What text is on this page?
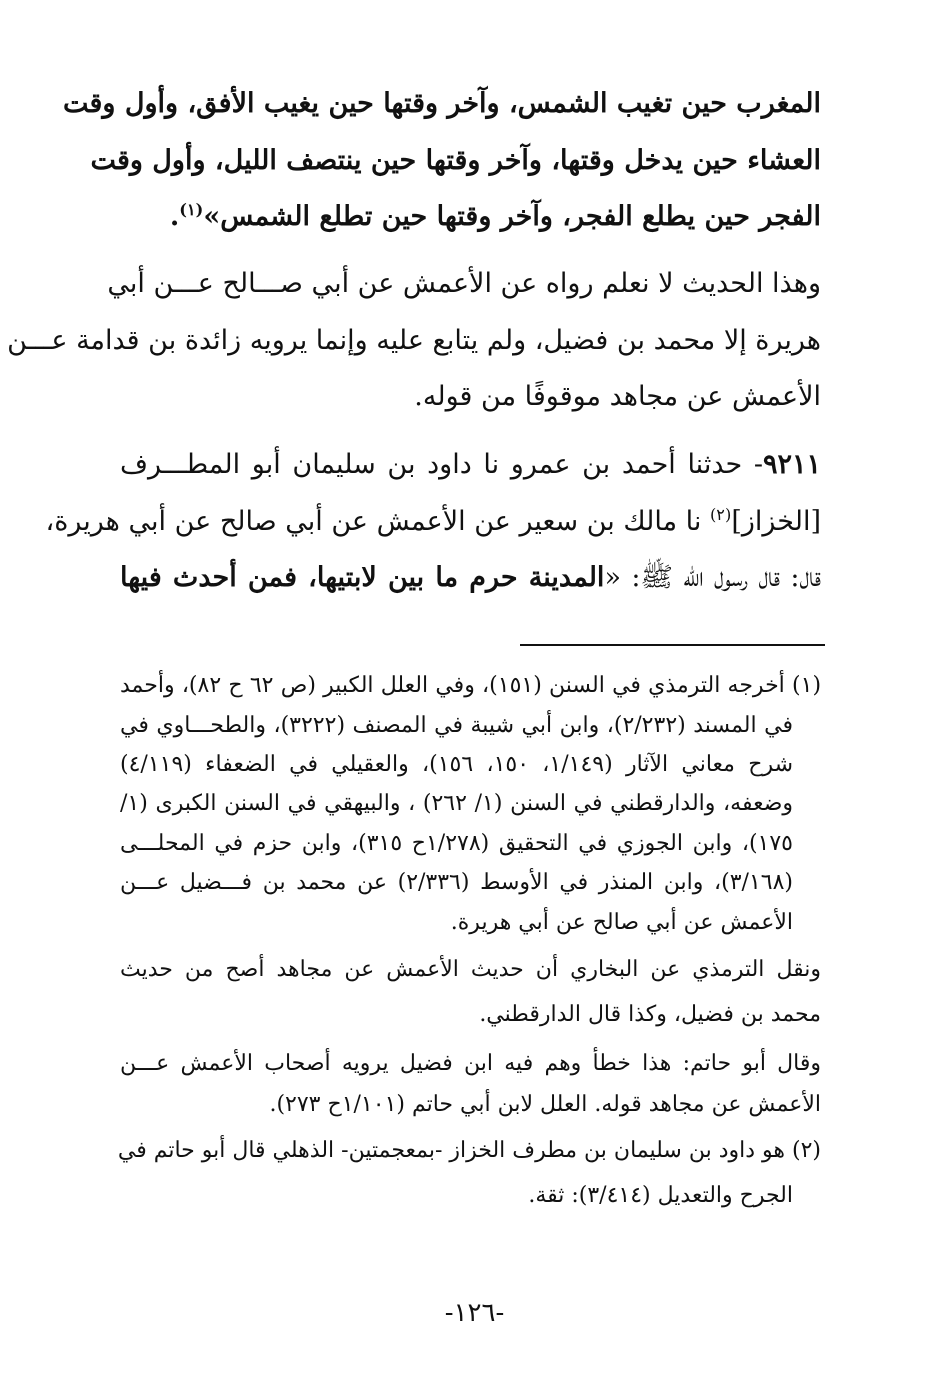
المغرب حين تغيب الشمس، وآخر وقتها حين يغيب الأفق، وأول وقت
العشاء حين يدخل وقتها، وآخر وقتها حين ينتصف الليل، وأول وقت
الفجر حين يطلع الفجر، وآخر وقتها حين تطلع الشمس»$^{(١)}$.
وهذا الحديث لا نعلم رواه عن الأعمش عن أبي صـــالح عـــن أبي
هريرة إلا محمد بن فضيل، ولم يتابع عليه وإنما يرويه زائدة بن قدامة عـــن
الأعمش عن مجاهد موقوفًا من قوله.
٩٢١١- حدثنا أحمد بن عمرو نا داود بن سليمان أبو المطـــرف
[الخزاز]$^{(٢)}$ نا مالك بن سعير عن الأعمش عن أبي صالح عن أبي هريرة،
قال: قال رسول الله ﷺ: «المدينة حرم ما بين لابتيها، فمن أحدث فيها
(١) أخرجه الترمذي في السنن (١٥١)، وفي العلل الكبير (ص ٦٢ ح ٨٢)، وأحمد
في المسند (٢/٢٣٢)، وابن أبي شيبة في المصنف (٣٢٢٢)، والطحـــاوي في
شرح معاني الآثار (١/١٤٩، ١٥٠، ١٥٦)، والعقيلي في الضعفاء (٤/١١٩)
وضعفه، والدارقطني في السنن (١/ ٢٦٢) ، والبيهقي في السنن الكبرى (١/
١٧٥)، وابن الجوزي في التحقيق (١/٢٧٨ح ٣١٥)، وابن حزم في المحلـــى
(٣/١٦٨)، وابن المنذر في الأوسط (٢/٣٣٦) عن محمد بن فـــضيل عـــن
الأعمش عن أبي صالح عن أبي هريرة.
ونقل الترمذي عن البخاري أن حديث الأعمش عن مجاهد أصح من حديث
محمد بن فضيل، وكذا قال الدارقطني.
وقال أبو حاتم: هذا خطأ وهم فيه ابن فضيل يرويه أصحاب الأعمش عـــن
الأعمش عن مجاهد قوله. العلل لابن أبي حاتم (١/١٠١ح ٢٧٣).
(٢) هو داود بن سليمان بن مطرف الخزاز -بمعجمتين- الذهلي قال أبو حاتم في
الجرح والتعديل (٣/٤١٤): ثقة.
-١٢٦-
